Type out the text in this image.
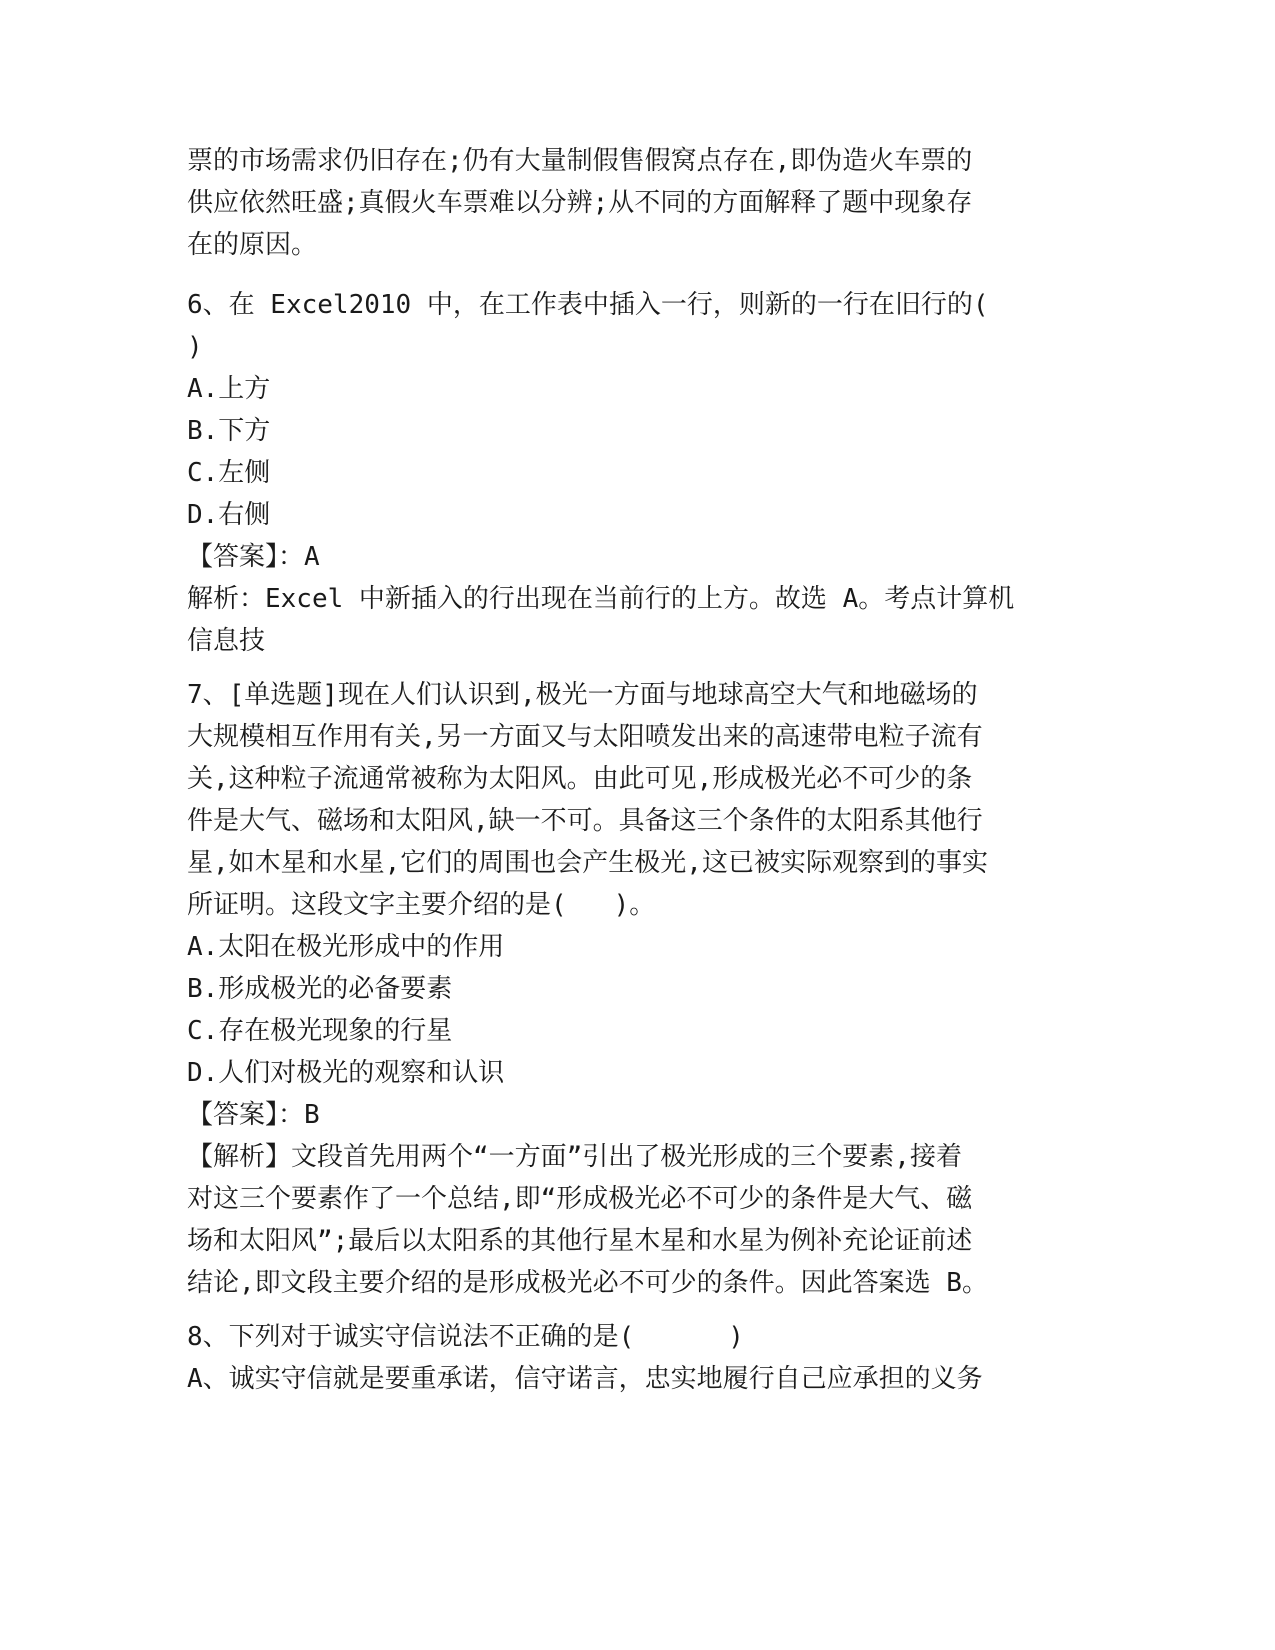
票的市场需求仍旧存在;仍有大量制假售假窝点存在,即伪造火车票的
供应依然旺盛;真假火车票难以分辨;从不同的方面解释了题中现象存
在的原因。
6、在 Excel2010 中，在工作表中插入一行，则新的一行在旧行的(
)
A.上方
B.下方
C.左侧
D.右侧
【答案】：A
解析：Excel 中新插入的行出现在当前行的上方。故选 A。考点计算机
信息技
7、[单选题]现在人们认识到,极光一方面与地球高空大气和地磁场的
大规模相互作用有关,另一方面又与太阳喷发出来的高速带电粒子流有
关,这种粒子流通常被称为太阳风。由此可见,形成极光必不可少的条
件是大气、磁场和太阳风,缺一不可。具备这三个条件的太阳系其他行
星,如木星和水星,它们的周围也会产生极光,这已被实际观察到的事实
所证明。这段文字主要介绍的是(   )。
A.太阳在极光形成中的作用
B.形成极光的必备要素
C.存在极光现象的行星
D.人们对极光的观察和认识
【答案】：B
【解析】文段首先用两个“一方面”引出了极光形成的三个要素,接着
对这三个要素作了一个总结,即“形成极光必不可少的条件是大气、磁
场和太阳风”;最后以太阳系的其他行星木星和水星为例补充论证前述
结论,即文段主要介绍的是形成极光必不可少的条件。因此答案选 B。
8、下列对于诚实守信说法不正确的是(      )
A、诚实守信就是要重承诺，信守诺言，忠实地履行自己应承担的义务
